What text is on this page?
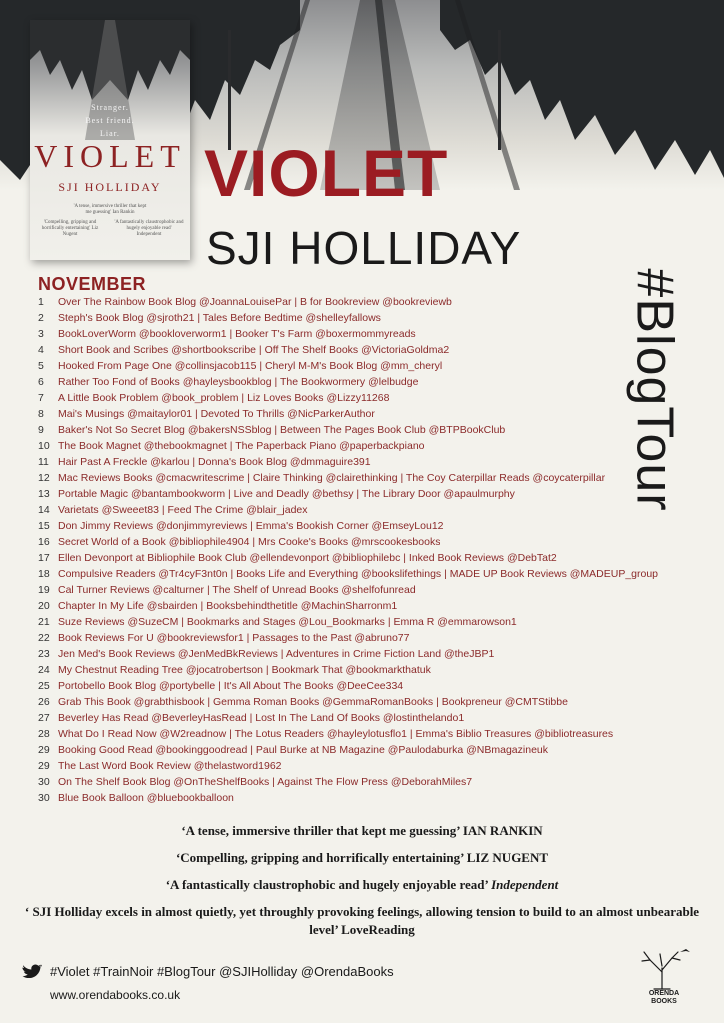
Stranger.
Best friend.
Liar.
VIOLET
SJI HOLLIDAY
'A tense, immersive thriller that kept me guessing' Ian Rankin
'Compelling, gripping and horrifically entertaining' Liz Nugent
'A fantastically claustrophobic and hugely enjoyable read' Independent
VIOLET
SJI HOLLIDAY
#BlogTour
NOVEMBER
1	Over The Rainbow Book Blog @JoannaLouisePar | B for Bookreview @bookreviewb
2	Steph's Book Blog @sjroth21 | Tales Before Bedtime @shelleyfallows
3	BookLoverWorm @bookloverworm1 | Booker T's Farm @boxermommyreads
4	Short Book and Scribes @shortbookscribe | Off The Shelf Books @VictoriaGoldma2
5	Hooked From Page One @collinsjacob115 | Cheryl M-M's Book Blog @mm_cheryl
6	Rather Too Fond of Books @hayleysbookblog | The Bookwormery @lelbudge
7	A Little Book Problem @book_problem | Liz Loves Books @Lizzy11268
8	Mai's Musings @maitaylor01 | Devoted To Thrills @NicParkerAuthor
9	Baker's Not So Secret Blog @bakersNSSblog | Between The Pages Book Club @BTPBookClub
10 The Book Magnet @thebookmagnet | The Paperback Piano @paperbackpiano
11 Hair Past A Freckle @karlou | Donna's Book Blog @dmmaguire391
12 Mac Reviews Books @cmacwritescrime | Claire Thinking @clairethinking | The Coy Caterpillar Reads @coycaterpillar
13 Portable Magic @bantambookworm | Live and Deadly @bethsy | The Library Door @apaulmurphy
14 Varietats @Sweeet83 | Feed The Crime @blair_jadex
15 Don Jimmy Reviews @donjimmyreviews | Emma's Bookish Corner @EmseyLou12
16 Secret World of a Book @bibliophile4904 | Mrs Cooke's Books @mrscookesbooks
17 Ellen Devonport at Bibliophile Book Club @ellendevonport @bibliophilebc | Inked Book Reviews @DebTat2
18 Compulsive Readers @Tr4cyF3nt0n | Books Life and Everything @bookslifethings | MADE UP Book Reviews @MADEUP_group
19 Cal Turner Reviews @calturner | The Shelf of Unread Books @shelfofunread
20 Chapter In My Life @sbairden | Booksbehindthetitle @MachinSharronm1
21 Suze Reviews @SuzeCM | Bookmarks and Stages @Lou_Bookmarks | Emma R @emmarowson1
22 Book Reviews For U @bookreviewsfor1 | Passages to the Past @abruno77
23 Jen Med's Book Reviews @JenMedBkReviews | Adventures in Crime Fiction Land @theJBP1
24 My Chestnut Reading Tree @jocatrobertson | Bookmark That @bookmarkthatuk
25 Portobello Book Blog @portybelle | It's All About The Books @DeeCee334
26 Grab This Book @grabthisbook | Gemma Roman Books @GemmaRomanBooks | Bookpreneur @CMTStibbe
27 Beverley Has Read @BeverleyHasRead | Lost In The Land Of Books @lostinthelando1
28 What Do I Read Now @W2readnow | The Lotus Readers @hayleylotusflo1 | Emma's Biblio Treasures @bibliotreasures
29 Booking Good Read @bookinggoodread | Paul Burke at NB Magazine @Paulodaburka @NBmagazineuk
29 The Last Word Book Review @thelastword1962
30 On The Shelf Book Blog @OnTheShelfBooks | Against The Flow Press @DeborahMiles7
30 Blue Book Balloon @bluebookballoon
‘A tense, immersive thriller that kept me guessing’ IAN RANKIN
‘Compelling, gripping and horrifically entertaining’ LIZ NUGENT
‘A fantastically claustrophobic and hugely enjoyable read’ Independent
‘ SJI Holliday excels in almost quietly, yet throughly provoking feelings, allowing tension to build to an almost unbearable level’ LoveReading
#Violet #TrainNoir #BlogTour @SJIHolliday @OrendaBooks
www.orendabooks.co.uk	ORENDA
BOOKS
